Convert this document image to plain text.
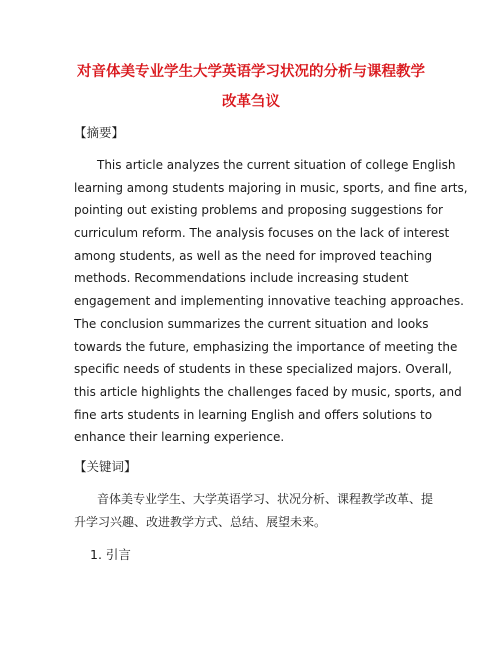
对音体美专业学生大学英语学习状况的分析与课程教学
改革刍议
【摘要】
This article analyzes the current situation of college English
learning among students majoring in music, sports, and fine arts,
pointing out existing problems and proposing suggestions for
curriculum reform. The analysis focuses on the lack of interest
among students, as well as the need for improved teaching
methods. Recommendations include increasing student
engagement and implementing innovative teaching approaches.
The conclusion summarizes the current situation and looks
towards the future, emphasizing the importance of meeting the
specific needs of students in these specialized majors. Overall,
this article highlights the challenges faced by music, sports, and
fine arts students in learning English and offers solutions to
enhance their learning experience.
【关键词】
音体美专业学生、大学英语学习、状况分析、课程教学改革、提
升学习兴趣、改进教学方式、总结、展望未来。
1. 引言
